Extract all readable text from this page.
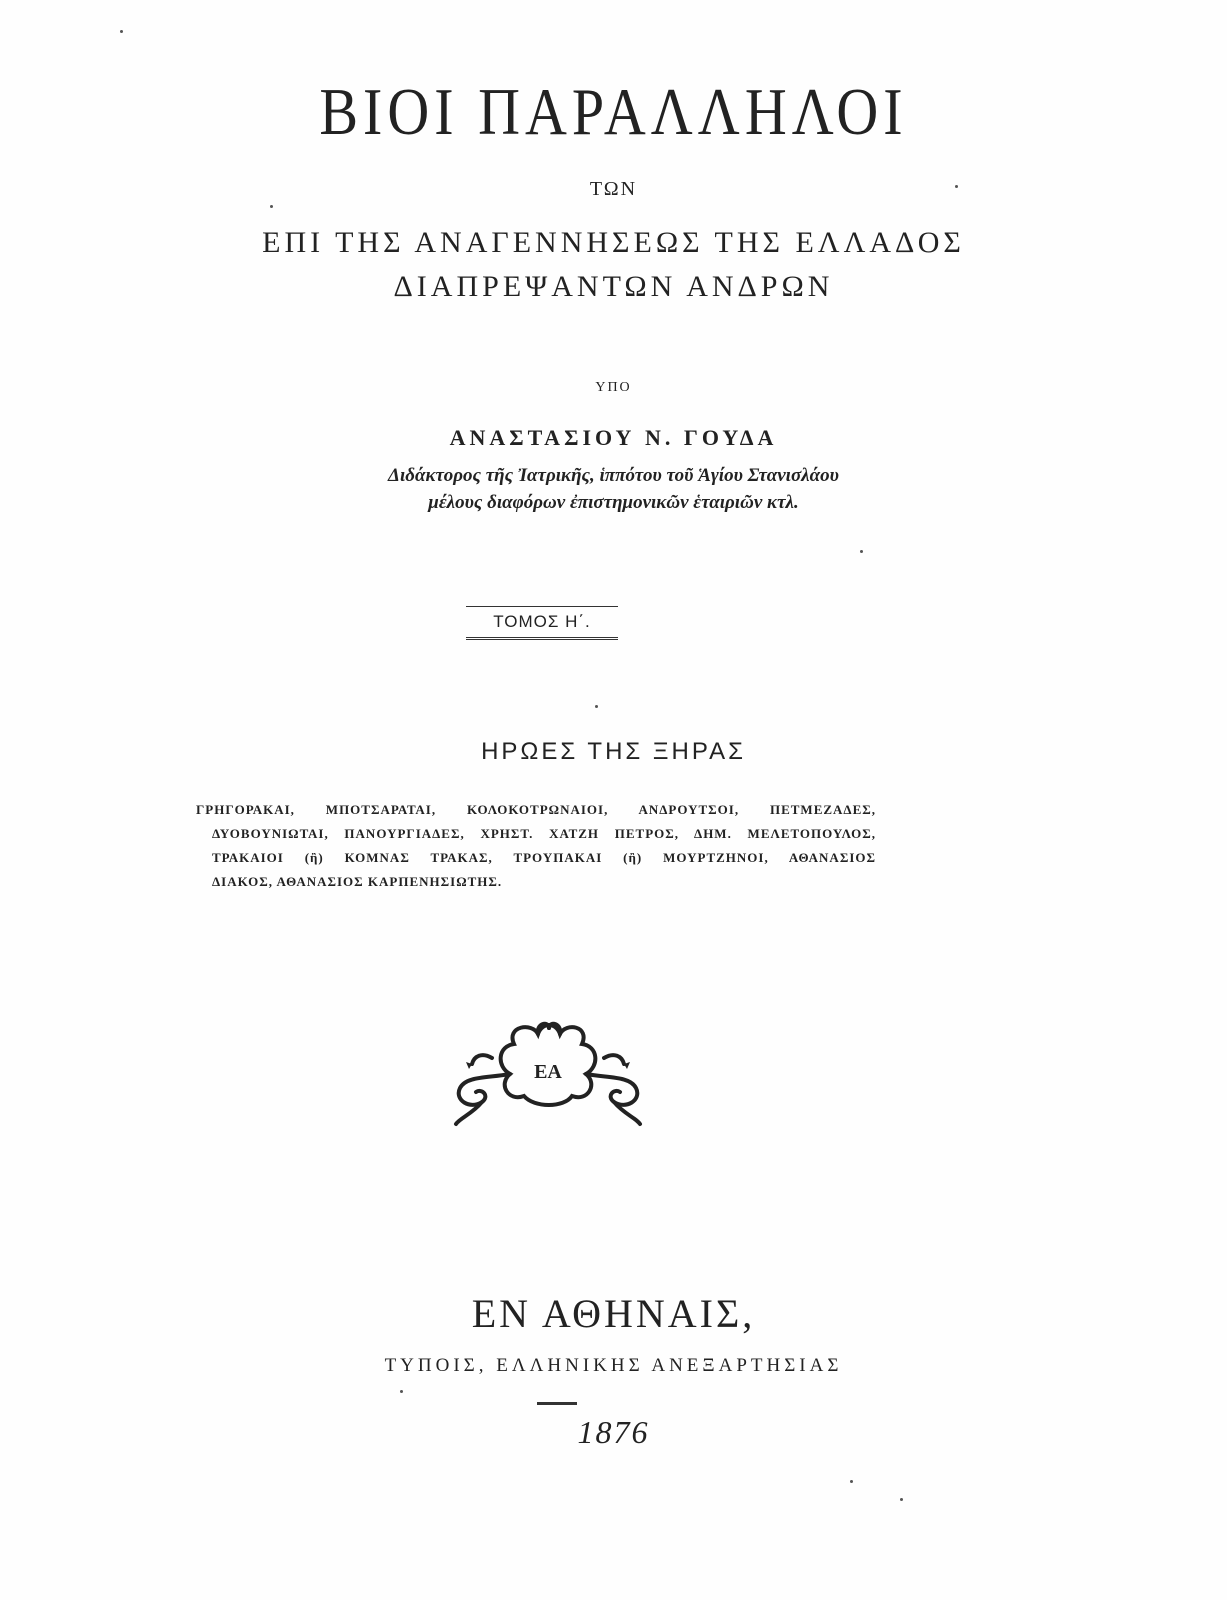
ΒΙΟΙ ΠΑΡΑΛΛΗΛΟΙ
ΤΩΝ
ΕΠΙ ΤΗΣ ΑΝΑΓΕΝΝΗΣΕΩΣ ΤΗΣ ΕΛΛΑΔΟΣ
ΔΙΑΠΡΕΨΑΝΤΩΝ ΑΝΔΡΩΝ
ΥΠΟ
ΑΝΑΣΤΑΣΙΟΥ Ν. ΓΟΥΔΑ
Διδάκτορος τῆς Ἰατρικῆς, ἱππότου τοῦ Ἁγίου Στανισλάου
μέλους διαφόρων ἐπιστημονικῶν ἑταιριῶν κτλ.
ΤΟΜΟΣ Η΄.
ΗΡΩΕΣ ΤΗΣ ΞΗΡΑΣ
ΓΡΗΓΟΡΑΚΑΙ, ΜΠΟΤΣΑΡΑΤΑΙ, ΚΟΛΟΚΟΤΡΩΝΑΙΟΙ, ΑΝΔΡΟΥΤΣΟΙ, ΠΕΤΜΕΖΑΔΕΣ,
ΔΥΟΒΟΥΝΙΩΤΑΙ, ΠΑΝΟΥΡΓΙΑΔΕΣ, ΧΡΗΣΤ. ΧΑΤΖΗ ΠΕΤΡΟΣ, ΔΗΜ. ΜΕΛΕΤΟΠΟΥΛΟΣ,
ΤΡΑΚΑΙΟΙ (ἢ) ΚΟΜΝΑΣ ΤΡΑΚΑΣ, ΤΡΟΥΠΑΚΑΙ (ἢ) ΜΟΥΡΤΖΗΝΟΙ, ΑΘΑΝΑΣΙΟΣ
ΔΙΑΚΟΣ, ΑΘΑΝΑΣΙΟΣ ΚΑΡΠΕΝΗΣΙΩΤΗΣ.
ΕΑ
ΕΝ ΑΘΗΝΑΙΣ,
ΤΥΠΟΙΣ, ΕΛΛΗΝΙΚΗΣ ΑΝΕΞΑΡΤΗΣΙΑΣ
1876
